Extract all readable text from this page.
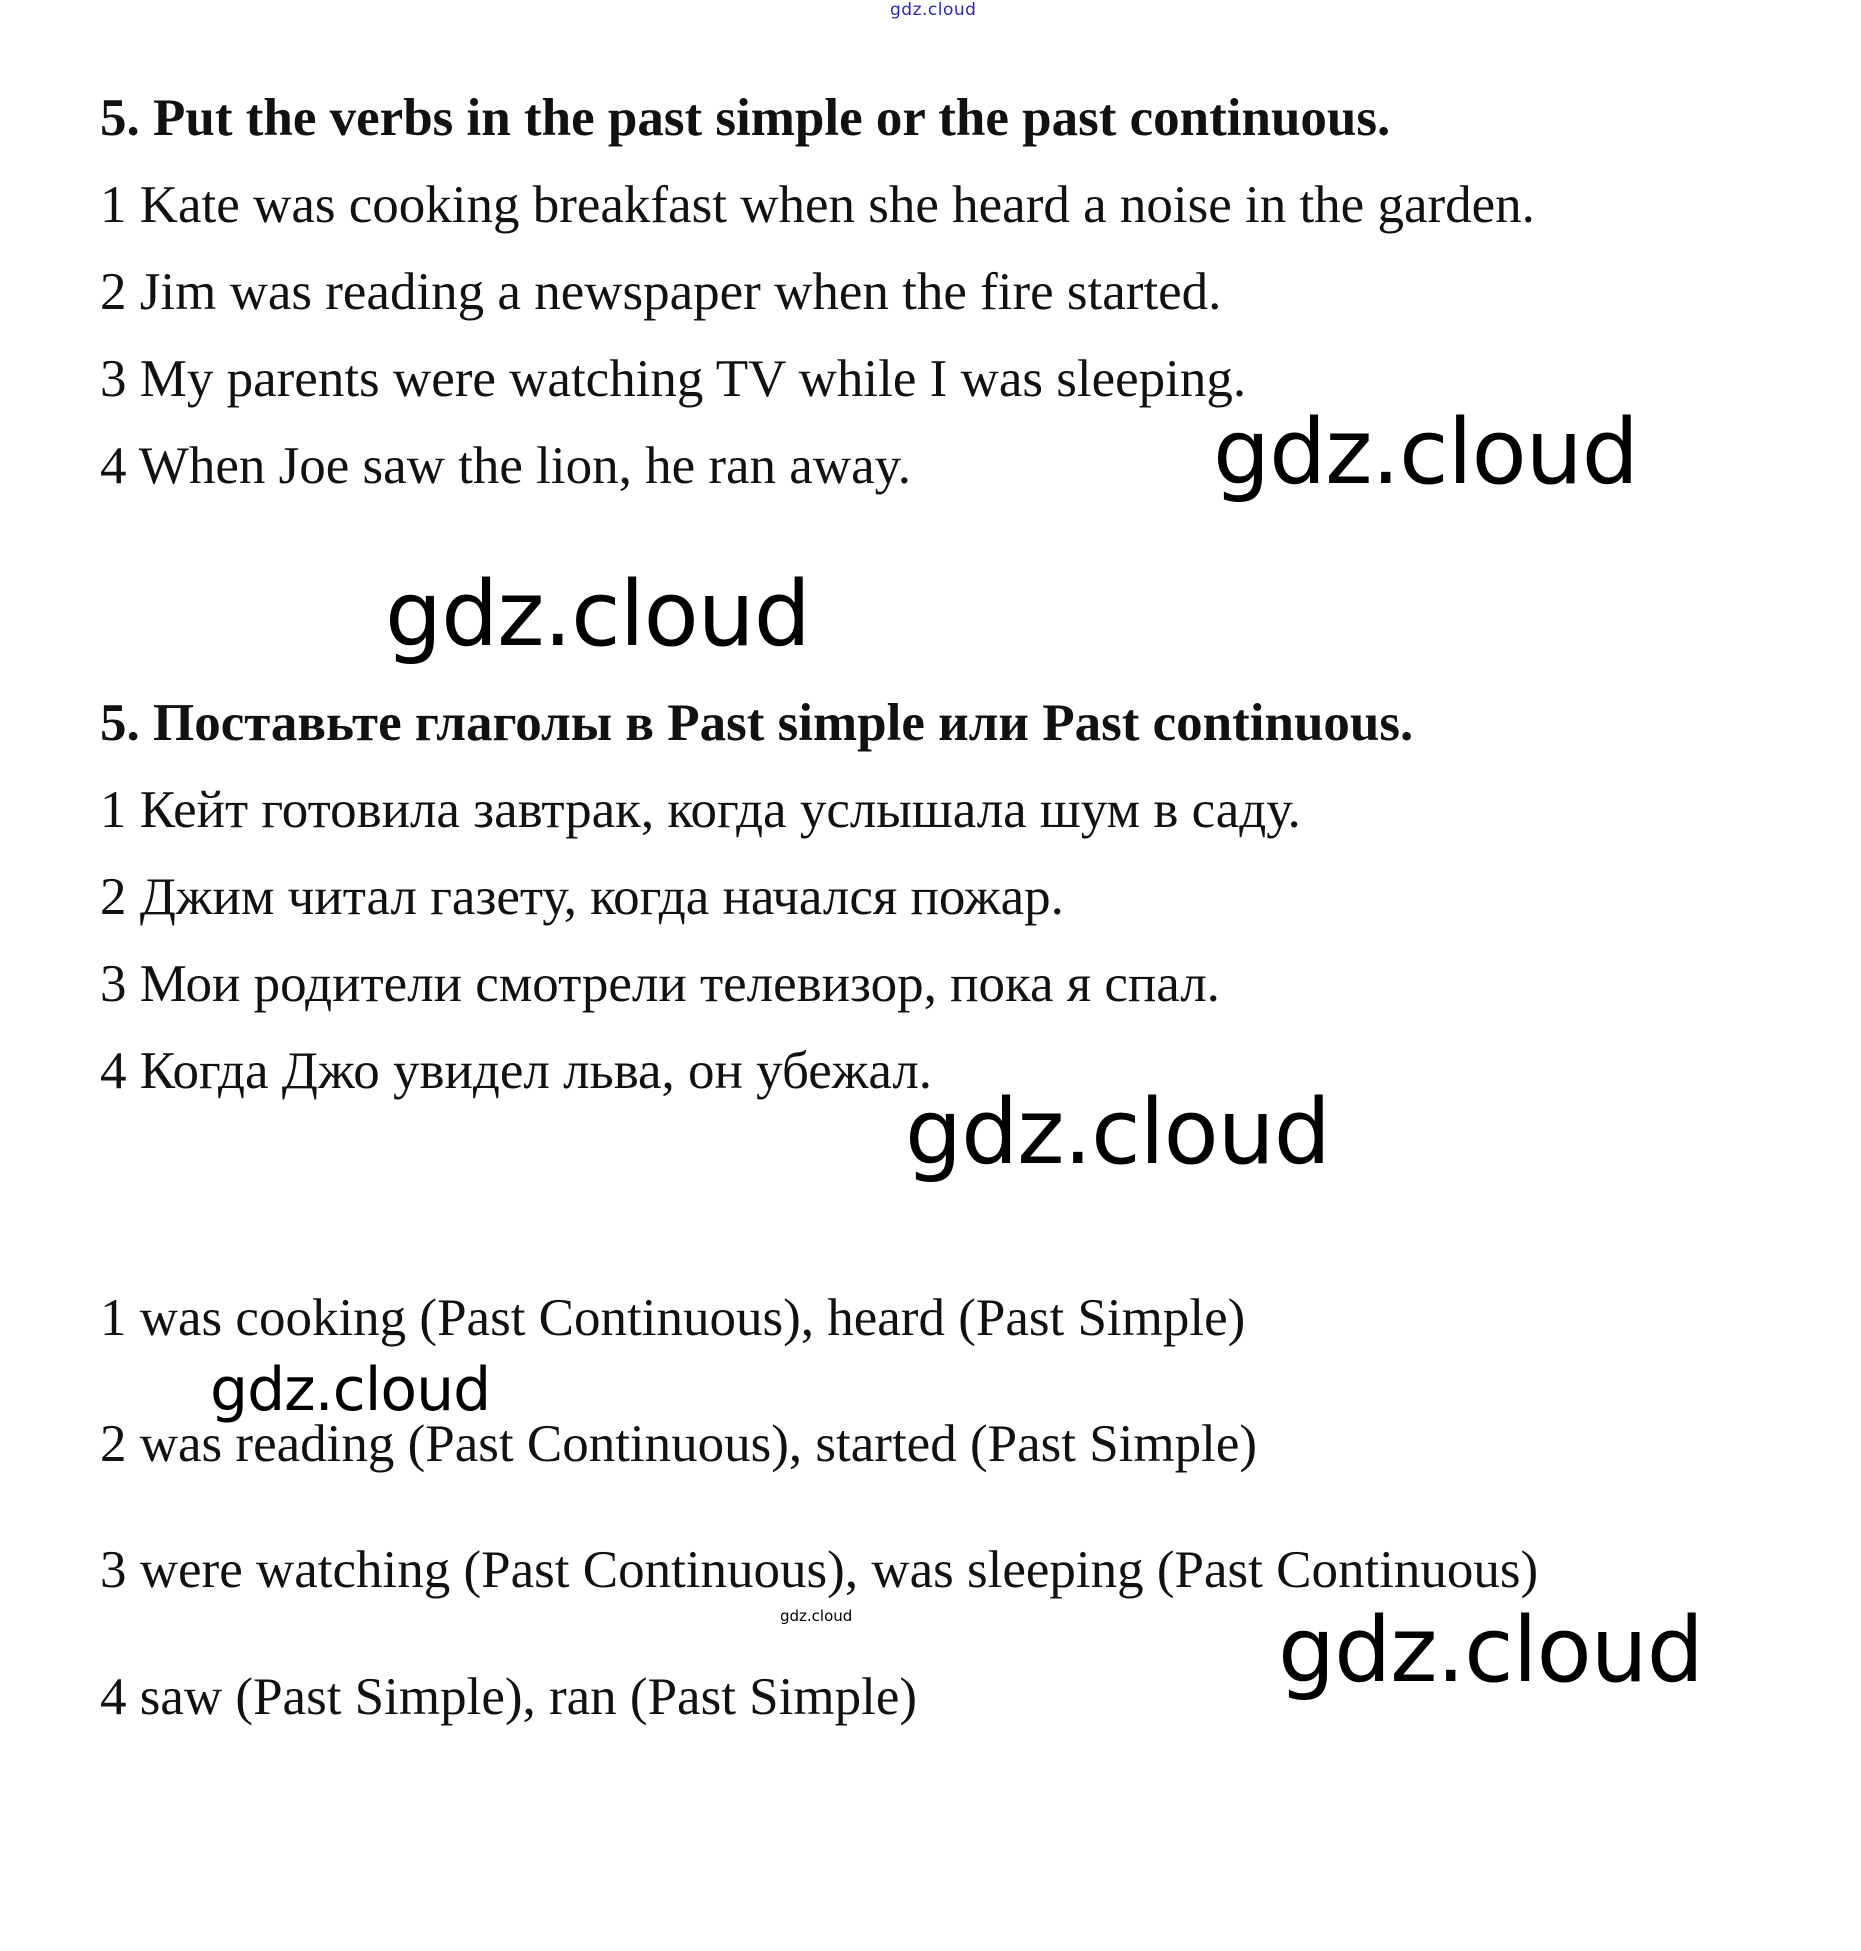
gdz.cloud
5. Put the verbs in the past simple or the past continuous.
1 Kate was cooking breakfast when she heard a noise in the garden.
2 Jim was reading a newspaper when the fire started.
3 My parents were watching TV while I was sleeping.
4 When Joe saw the lion, he ran away.	gdz.cloud
gdz.cloud
5. Поставьте глаголы в Past simple или Past continuous.
1 Кейт готовила завтрак, когда услышала шум в саду.
2 Джим читал газету, когда начался пожар.
3 Мои родители смотрели телевизор, пока я спал.
4 Когда Джо увидел льва, он убежал.
gdz.cloud
1 was cooking (Past Continuous), heard (Past Simple)
gdz.cloud
2 was reading (Past Continuous), started (Past Simple)
3 were watching (Past Continuous), was sleeping (Past Continuous)
gdz.cloud	gdz.cloud
4 saw (Past Simple), ran (Past Simple)
